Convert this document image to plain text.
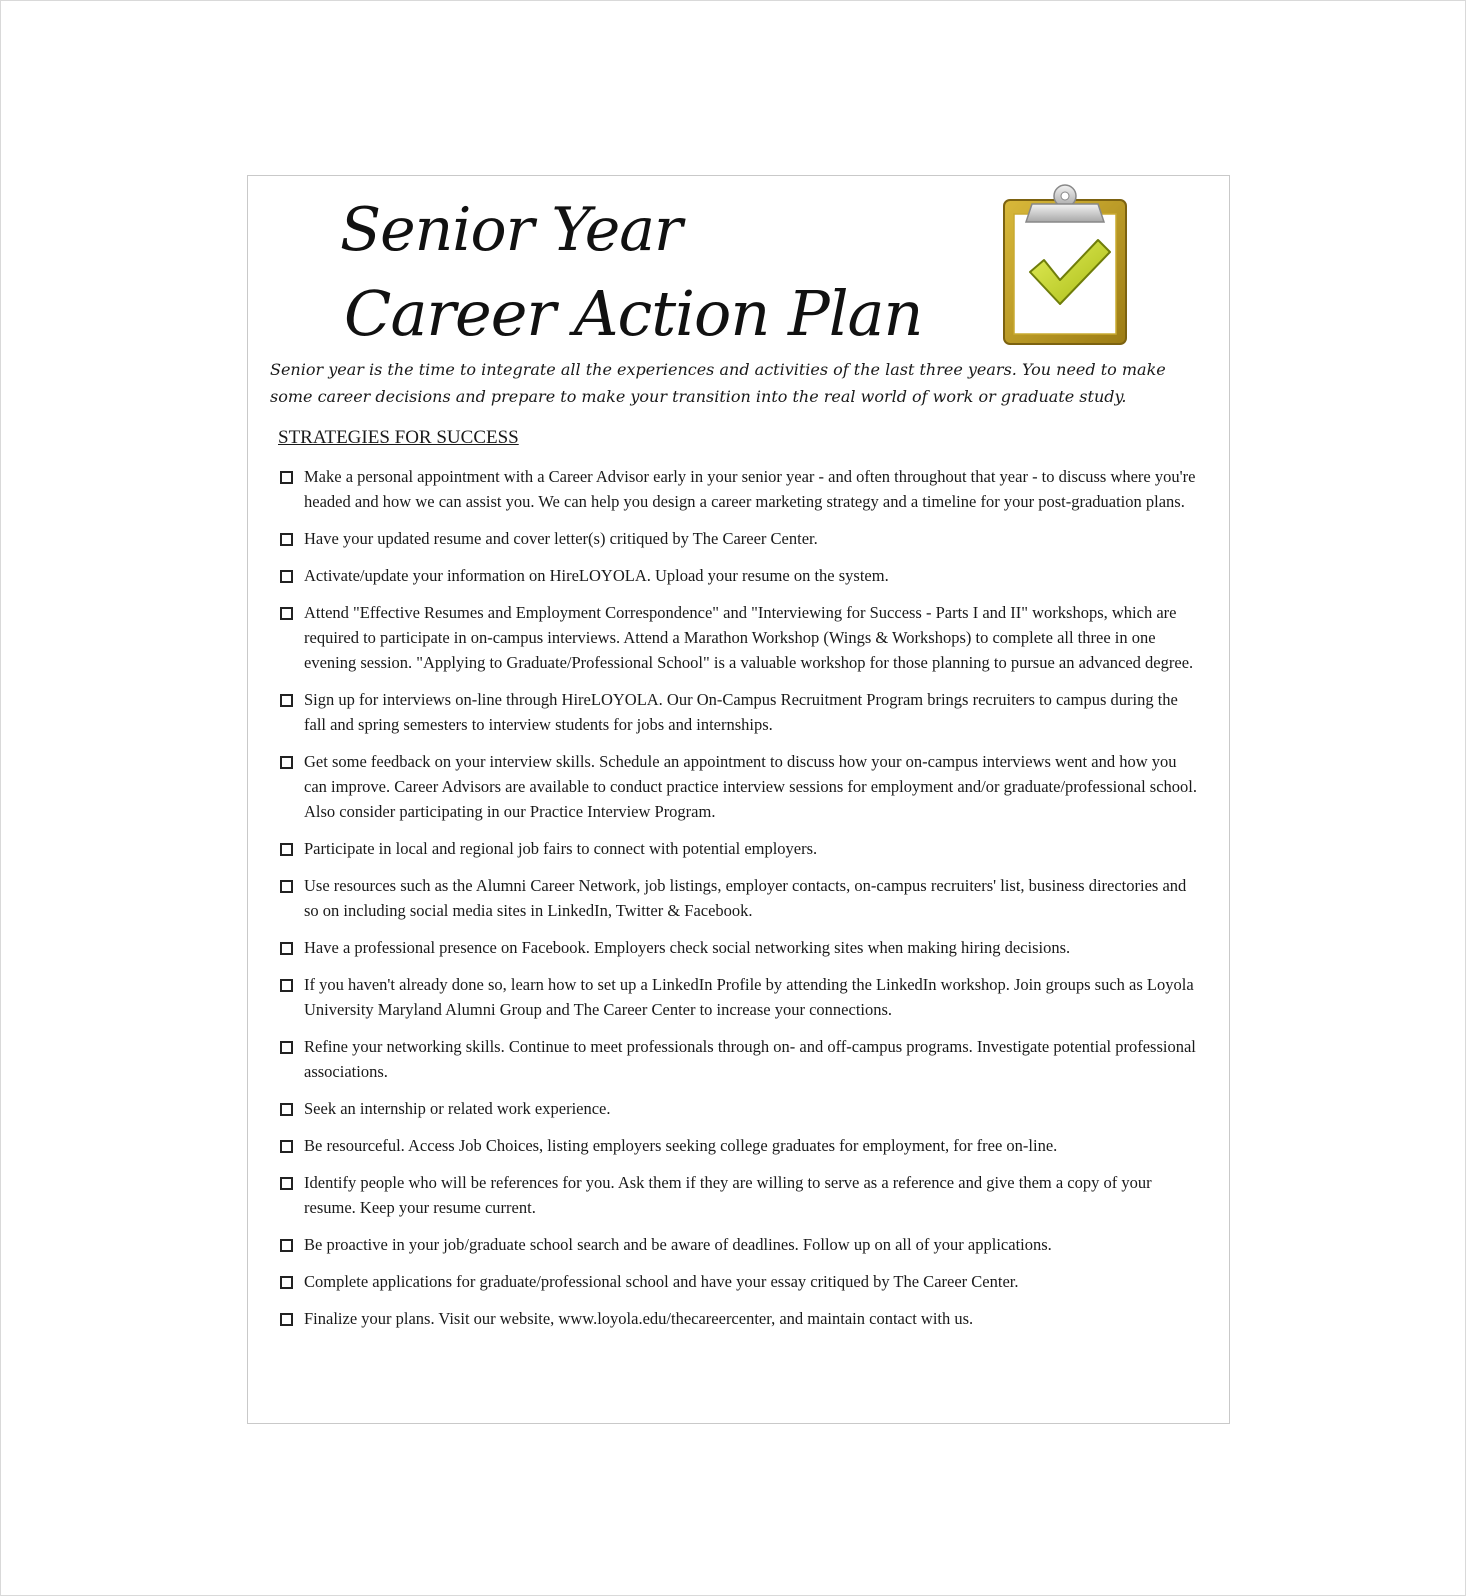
Senior Year
Career Action Plan

Senior year is the time to integrate all the experiences and activities of the last three years. You need to make some career decisions and prepare to make your transition into the real world of work or graduate study.

STRATEGIES FOR SUCCESS
Make a personal appointment with a Career Advisor early in your senior year - and often throughout that year - to discuss where you're headed and how we can assist you. We can help you design a career marketing strategy and a timeline for your post-graduation plans.
Have your updated resume and cover letter(s) critiqued by The Career Center.
Activate/update your information on HireLOYOLA. Upload your resume on the system.
Attend "Effective Resumes and Employment Correspondence" and "Interviewing for Success - Parts I and II" workshops, which are required to participate in on-campus interviews. Attend a Marathon Workshop (Wings & Workshops) to complete all three in one evening session. "Applying to Graduate/Professional School" is a valuable workshop for those planning to pursue an advanced degree.
Sign up for interviews on-line through HireLOYOLA. Our On-Campus Recruitment Program brings recruiters to campus during the fall and spring semesters to interview students for jobs and internships.
Get some feedback on your interview skills. Schedule an appointment to discuss how your on-campus interviews went and how you can improve. Career Advisors are available to conduct practice interview sessions for employment and/or graduate/professional school. Also consider participating in our Practice Interview Program.
Participate in local and regional job fairs to connect with potential employers.
Use resources such as the Alumni Career Network, job listings, employer contacts, on-campus recruiters' list, business directories and so on including social media sites in LinkedIn, Twitter & Facebook.
Have a professional presence on Facebook. Employers check social networking sites when making hiring decisions.
If you haven't already done so, learn how to set up a LinkedIn Profile by attending the LinkedIn workshop. Join groups such as Loyola University Maryland Alumni Group and The Career Center to increase your connections.
Refine your networking skills. Continue to meet professionals through on- and off-campus programs. Investigate potential professional associations.
Seek an internship or related work experience.
Be resourceful. Access Job Choices, listing employers seeking college graduates for employment, for free on-line.
Identify people who will be references for you. Ask them if they are willing to serve as a reference and give them a copy of your resume. Keep your resume current.
Be proactive in your job/graduate school search and be aware of deadlines. Follow up on all of your applications.
Complete applications for graduate/professional school and have your essay critiqued by The Career Center.
Finalize your plans. Visit our website, www.loyola.edu/thecareercenter, and maintain contact with us.
